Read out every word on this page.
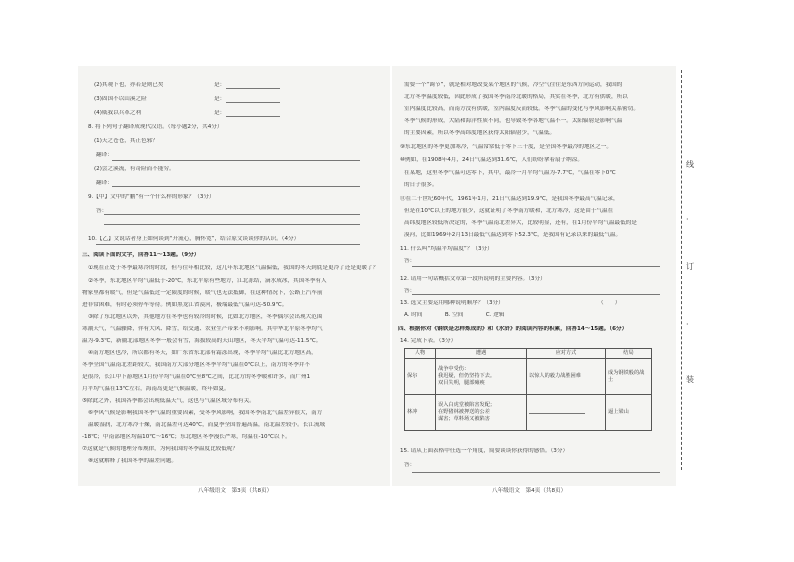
(2)其观下也，亦若是则已矣
(3)固国不以山溪之险
(4)威我以兵革之利
8. 将下列句子翻译成现代汉语。（每小题2分，共4分）
(1)天之苍苍，其正色邪？
翻译：
(2)尝之溪流，有奇险而不能穷。
翻译：
9.【甲】文中的“鹏”有一个什么样的形象？（3分）
答：
10.【乙】文说话者身上如何谈到“开流心，胸怀宽”，结合原文谈谈你的认识。（4分）
三、阅读下面的文字，回答11～13题。（9分）
①现在正处于冬季最寒冷的时段，但与往年相比较，这几年东北地区气温偏低，我国的冬天到底是更冷了还是更暖了？
②冬季，东北地区平均气温低于-20℃，东北平原有些地方，江北冻结，滴水成冰，其国冬季有人
物家里都有暖气，但是气温低过一定限度的时候，暖气也无法抵御，在这种情况下，公路上汽车前
进非常困难，有时必须停车等待。例如黑龙江省漠河，极端最低气温可达-50.9℃。
③除了东北地区以外，其他地方在冬季也有较冷的时候，比如北方地区，冬季偶尔会出现大范围
寒潮天气，气温骤降，伴有大风、降雪，给交通、农业生产带来不利影响。其中华北平原冬季均气
温为-9.3℃，新疆北部地区冬季一般会有雪，海拔较高的天山地区，冬天平均气温可达-11.5℃。
④南方地区也冷，所以都有冬天，如广东省东北部有霜冻出现，冬季平均气温比北方地区高，
冬季全国气温南北差距较大，我国南方大部分地区冬季平均气温在0℃以上，南方的冬季并不
是很冷，长江中下游地区1月份平均气温在0℃至8℃之间，比北方的冬季暖和许多，而广州1
月平均气温在13℃左右，海南岛更是气候温暖，终年如夏。
⑤除此之外，我国各季都会出现低温天气，这也与气温区域分布有关。
⑥季风气候是影响我国冬季气温的重要因素，受冬季风影响，我国冬季南北气温差异很大，南方
温暖湿润，北方寒冷干燥，南北温差可达40℃，而夏季全国普遍高温，南北温差较小。长江流域
-18℃；中南部地区均温10℃～16℃；东北地区冬季漫长严寒，均温在-10℃以下。
⑦这就是气候的地理分布规律，为何我国的冬季温度比较低呢？
⑧这就解释了我国冬季的温差问题。
是：
是：
是：
需要一个“调节”，就是相对地改变某个地区的气候，冷空气往往是东西方向运动，我国的
北方冬季温度较低，因此形成了我国冬季南冷北暖的格局，其实在冬季，北方有供暖，所以
室内温度比较高，而南方没有供暖，室内温度反而较低。冬季气温的变化与季风影响关系密切。
冬季气候的形成，大陆和海洋性质不同，也导致冬季各地气温不一。太阳辐射是影响气温
的主要因素，所以冬季高纬度地区获得太阳辐射少，气温低。
⑨东北地区的冬季更加寒冷，气温常常低于零下三十度，是全国冬季最冷的地区之一。
⑩例如，在1908年4月，24日气温达到31.6℃，人们纷纷拿着扇子纳凉。
在某地，这里冬季气温可达零下，其中，最冷一月平均气温为-7.7℃，气温在零下0℃
的日子很多。
⑪在二十世纪60年代，1961年1月，21日气温达到19.9℃，是我国冬季最高气温记录，
但是在10℃以上的地方很少，这就证明了冬季南方暖和，北方寒冷，这是由于气温在
高纬度地区较低所决定的，冬季气温南北差异大，比较明显，还有，在1月份平均气温最低的是
漠河，比如1969年2月13日最低气温达到零下52.3℃，是我国有记录以来的最低气温。
11. 什么叫“均温平均温度”？（3分）
答：
12. 请用一句话概括文章第一段所说明的主要内容。（3分）
答：
13. 选文主要运用哪种说明顺序？（3分）
A. 时间　　　　B. 空间　　　　C. 逻辑
四、根据你对《钢铁是怎样炼成的》和《水浒》的阅读内容的积累，回答14～15题。（6分）
14. 完成下表。（3分）
15. 请从上面表格中任选一个角度，简要谈谈你获得的感悟。（3分）
答：
（　　）
人物	遭遇	应对方式	结局
保尔	战争中受伤：
我迟疑，但仍坚持下去。
双目失明，腿部瘫痪	以惊人的毅力战胜困难	成为钢铁般的战士
林冲	误入白虎堂被陷害发配；
在野猪林被押送的公差
谋害；草料场又被陷害		逼上梁山
八年级语文　第3页（共8页）	八年级语文　第4页（共8页）
线
·
订
·
装
